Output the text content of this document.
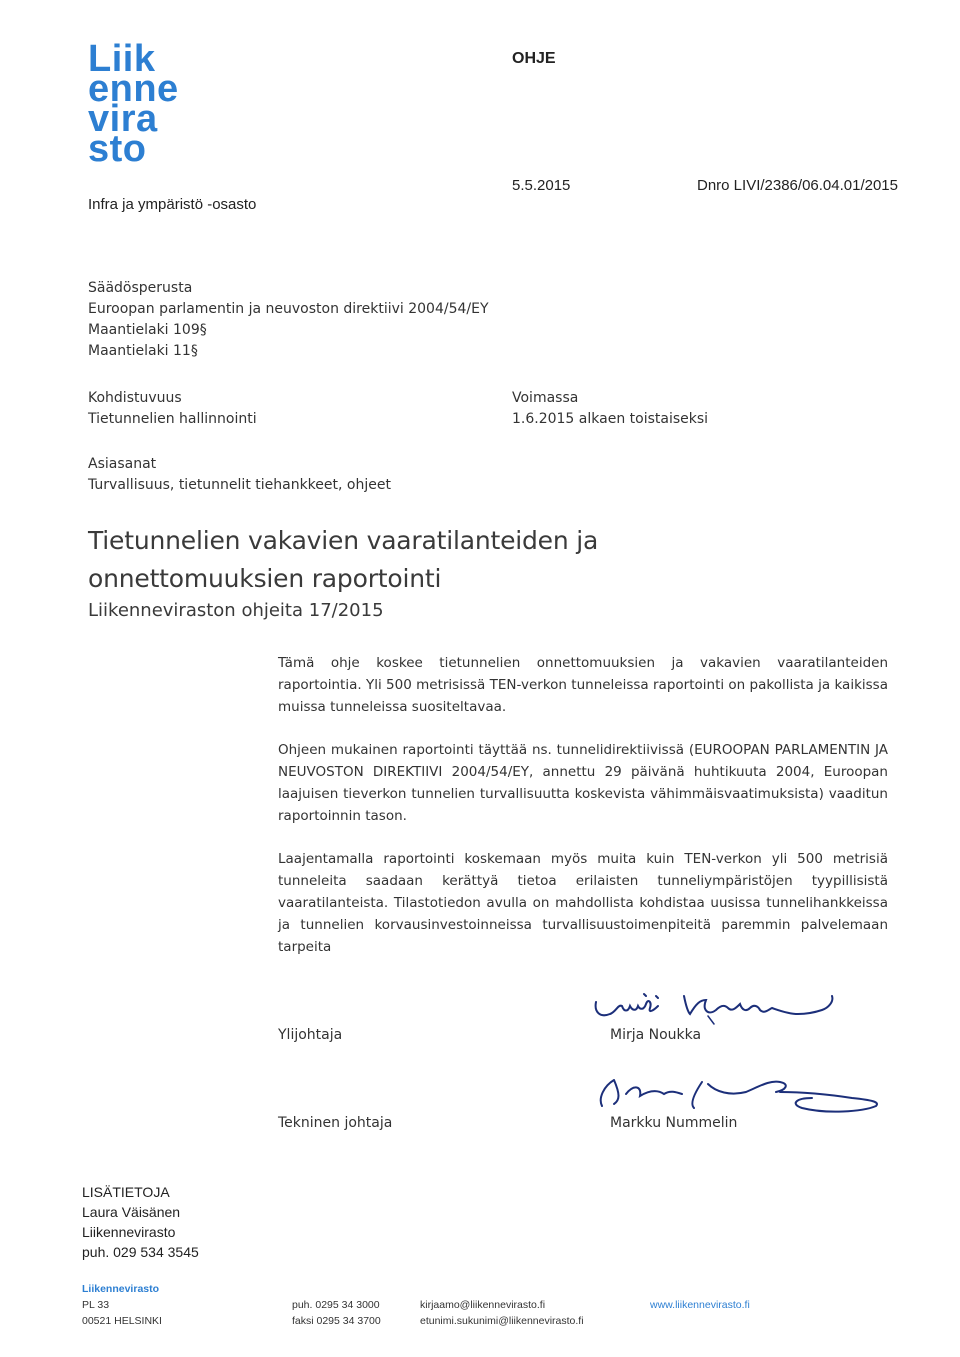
Liik
enne
vira
sto
Infra ja ympäristö -osasto
OHJE
5.5.2015	Dnro LIVI/2386/06.04.01/2015
Säädösperusta
Euroopan parlamentin ja neuvoston direktiivi 2004/54/EY
Maantielaki 109§
Maantielaki 11§
Kohdistuvuus
Tietunnelien hallinnointi
Voimassa
1.6.2015 alkaen toistaiseksi
Asiasanat
Turvallisuus, tietunnelit tiehankkeet, ohjeet
Tietunnelien vakavien vaaratilanteiden ja onnettomuuksien raportointi
Liikenneviraston ohjeita 17/2015
Tämä ohje koskee tietunnelien onnettomuuksien ja vakavien vaaratilanteiden raportointia. Yli 500 metrisissä TEN-verkon tunneleissa raportointi on pakollista ja kaikissa muissa tunneleissa suositeltavaa.
Ohjeen mukainen raportointi täyttää ns. tunnelidirektiivissä (EUROOPAN PARLAMENTIN JA NEUVOSTON DIREKTIIVI 2004/54/EY, annettu 29 päivänä huhtikuuta 2004, Euroopan laajuisen tieverkon tunnelien turvallisuutta koskevista vähimmäisvaatimuksista) vaaditun raportoinnin tason.
Laajentamalla raportointi koskemaan myös muita kuin TEN-verkon yli 500 metrisiä tunneleita saadaan kerättyä tietoa erilaisten tunneliympäristöjen tyypillisistä vaaratilanteista. Tilastotiedon avulla on mahdollista kohdistaa uusissa tunnelihankkeissa ja tunnelien korvausinvestoinneissa turvallisuustoimenpiteitä paremmin palvelemaan tarpeita
Ylijohtaja	Mirja Noukka
Tekninen johtaja	Markku Nummelin
LISÄTIETOJA
Laura Väisänen
Liikennevirasto
puh. 029 534 3545
Liikennevirasto
PL 33
00521 HELSINKI
puh. 0295 34 3000
faksi 0295 34 3700
kirjaamo@liikennevirasto.fi
etunimi.sukunimi@liikennevirasto.fi
www.liikennevirasto.fi
